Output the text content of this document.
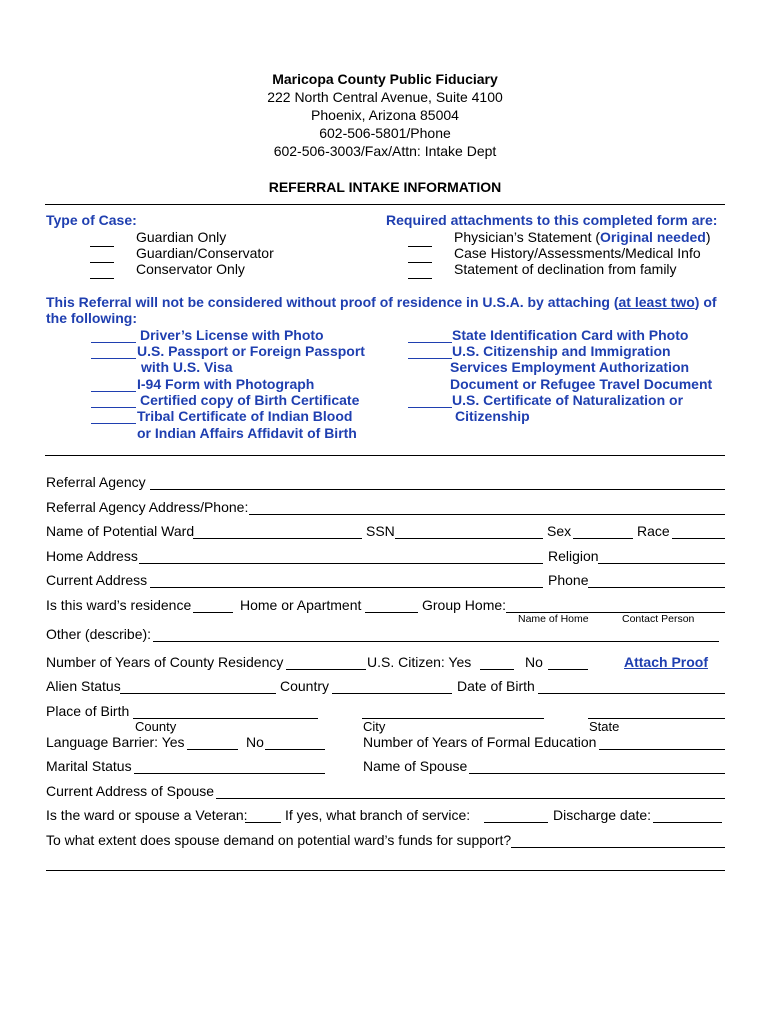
Maricopa County Public Fiduciary
222 North Central Avenue, Suite 4100
Phoenix, Arizona 85004
602-506-5801/Phone
602-506-3003/Fax/Attn: Intake Dept
REFERRAL INTAKE INFORMATION
Type of Case:
Guardian Only
Guardian/Conservator
Conservator Only
Required attachments to this completed form are:
Physician’s Statement (Original needed)
Case History/Assessments/Medical Info
Statement of declination from family
This Referral will not be considered without proof of residence in U.S.A. by attaching (at least two) of
the following:
Driver’s License with Photo
U.S. Passport or Foreign Passport
with U.S. Visa
I-94 Form with Photograph
Certified copy of Birth Certificate
Tribal Certificate of Indian Blood
or Indian Affairs Affidavit of Birth
State Identification Card with Photo
U.S. Citizenship and Immigration
Services Employment Authorization
Document or Refugee Travel Document
U.S. Certificate of Naturalization or
Citizenship
Referral Agency
Referral Agency Address/Phone:
Name of Potential Ward	SSN	Sex	Race
Home Address	Religion
Current Address	Phone
Is this ward’s residence	Home or Apartment	Group Home:
Name of Home	Contact Person
Other (describe):
Number of Years of County Residency	U.S. Citizen: Yes	No	Attach Proof
Alien Status	Country	Date of Birth
Place of Birth
County	City	State
Language Barrier: Yes	No	Number of Years of Formal Education
Marital Status	Name of Spouse
Current Address of Spouse
Is the ward or spouse a Veteran:	If yes, what branch of service:	Discharge date:
To what extent does spouse demand on potential ward’s funds for support?
